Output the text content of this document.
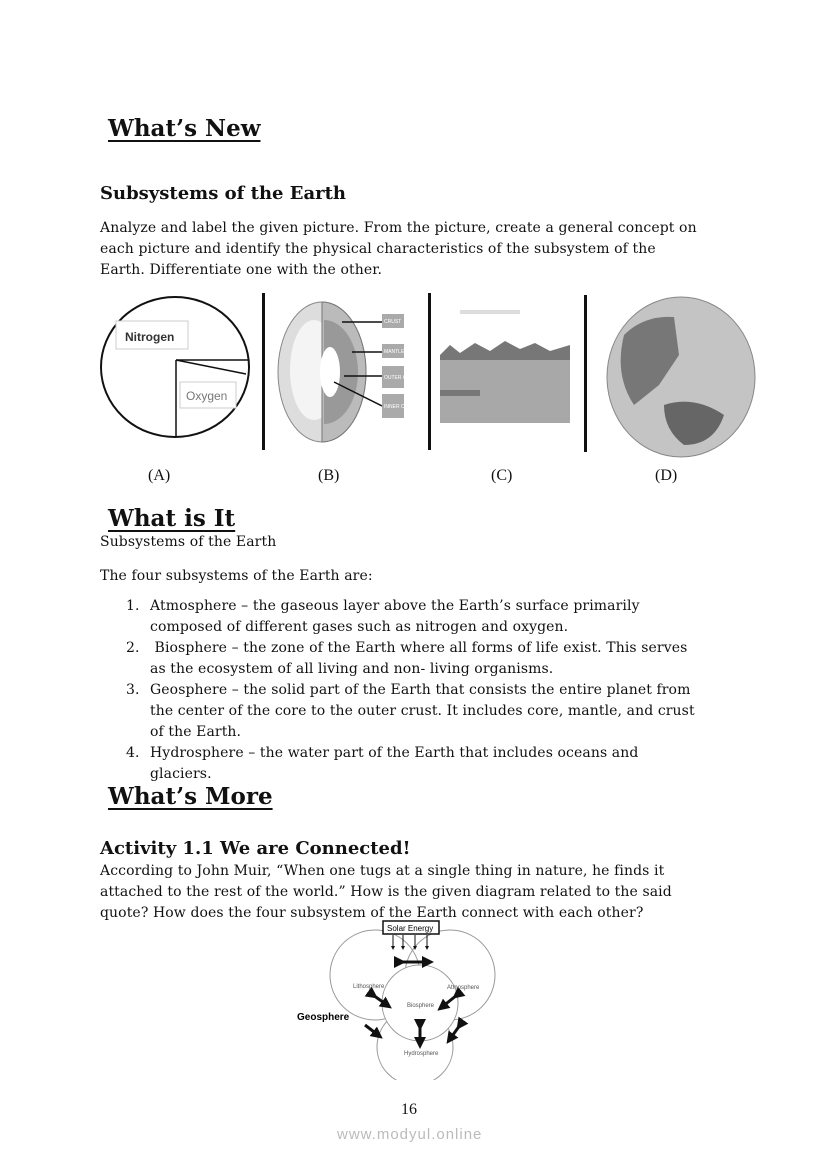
What’s New
Subsystems of the Earth
Analyze and label the given picture. From the picture, create a general concept on
each picture and identify the physical characteristics of the subsystem of the
Earth. Differentiate one with the other.
Nitrogen
Oxygen
CRUST
MANTLE
OUTER CORE
INNER CORE
(A)	(B)	(C)	(D)
What is It
Subsystems of the Earth
The four subsystems of the Earth are:
1. Atmosphere – the gaseous layer above the Earth’s surface primarily
composed of different gases such as nitrogen and oxygen.
2. Biosphere – the zone of the Earth where all forms of life exist. This serves
as the ecosystem of all living and non- living organisms.
3. Geosphere – the solid part of the Earth that consists the entire planet from
the center of the core to the outer crust. It includes core, mantle, and crust
of the Earth.
4. Hydrosphere – the water part of the Earth that includes oceans and
glaciers.
What’s More
Activity 1.1 We are Connected!
According to John Muir, “When one tugs at a single thing in nature, he finds it
attached to the rest of the world.” How is the given diagram related to the said
quote? How does the four subsystem of the Earth connect with each other?
Solar Energy
Lithosphere	Atmosphere
Biosphere
Hydrosphere
Geosphere
16
www.modyul.online
